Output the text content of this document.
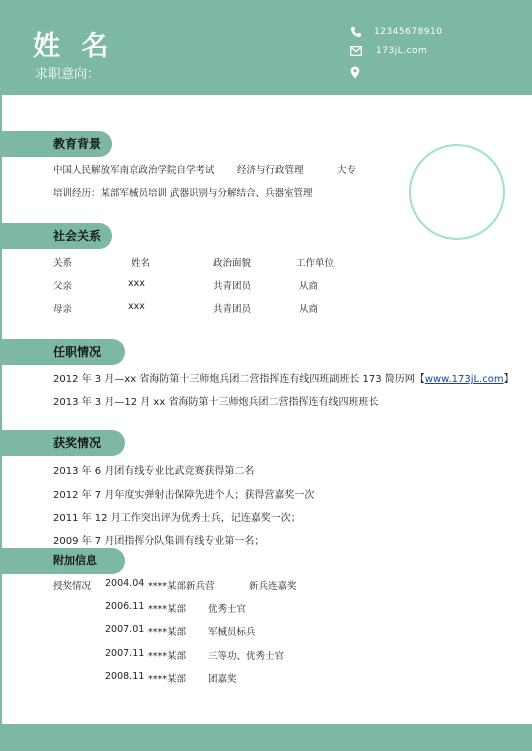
姓 名
求职意向：
12345678910
173jL.com
教育背景
中国人民解放军南京政治学院自学考试 经济与行政管理	大专
培训经历：某部军械员培训 武器识别与分解结合、兵器室管理
社会关系
关系	姓名	政治面貌	工作单位
父亲	xxx	共青团员	从商
母亲	xxx	共青团员	从商
任职情况
2012 年 3 月—xx 省海防第十三师炮兵团二营指挥连有线四班副班长 173 简历网【www.173jL.com】
2013 年 3 月—12 月 xx 省海防第十三师炮兵团二营指挥连有线四班班长
获奖情况
2013 年 6 月团有线专业比武竞赛获得第二名
2012 年 7 月年度实弹射击保障先进个人；获得营嘉奖一次
2011 年 12 月工作突出评为优秀士兵，记连嘉奖一次；
2009 年 7 月团指挥分队集训有线专业第一名；
附加信息
授奖情况 2004.04 ****某部新兵营	新兵连嘉奖
2006.11 ****某部 优秀士官
2007.01 ****某部 军械员标兵
2007.11 ****某部 三等功、优秀士官
2008.11 ****某部 团嘉奖
